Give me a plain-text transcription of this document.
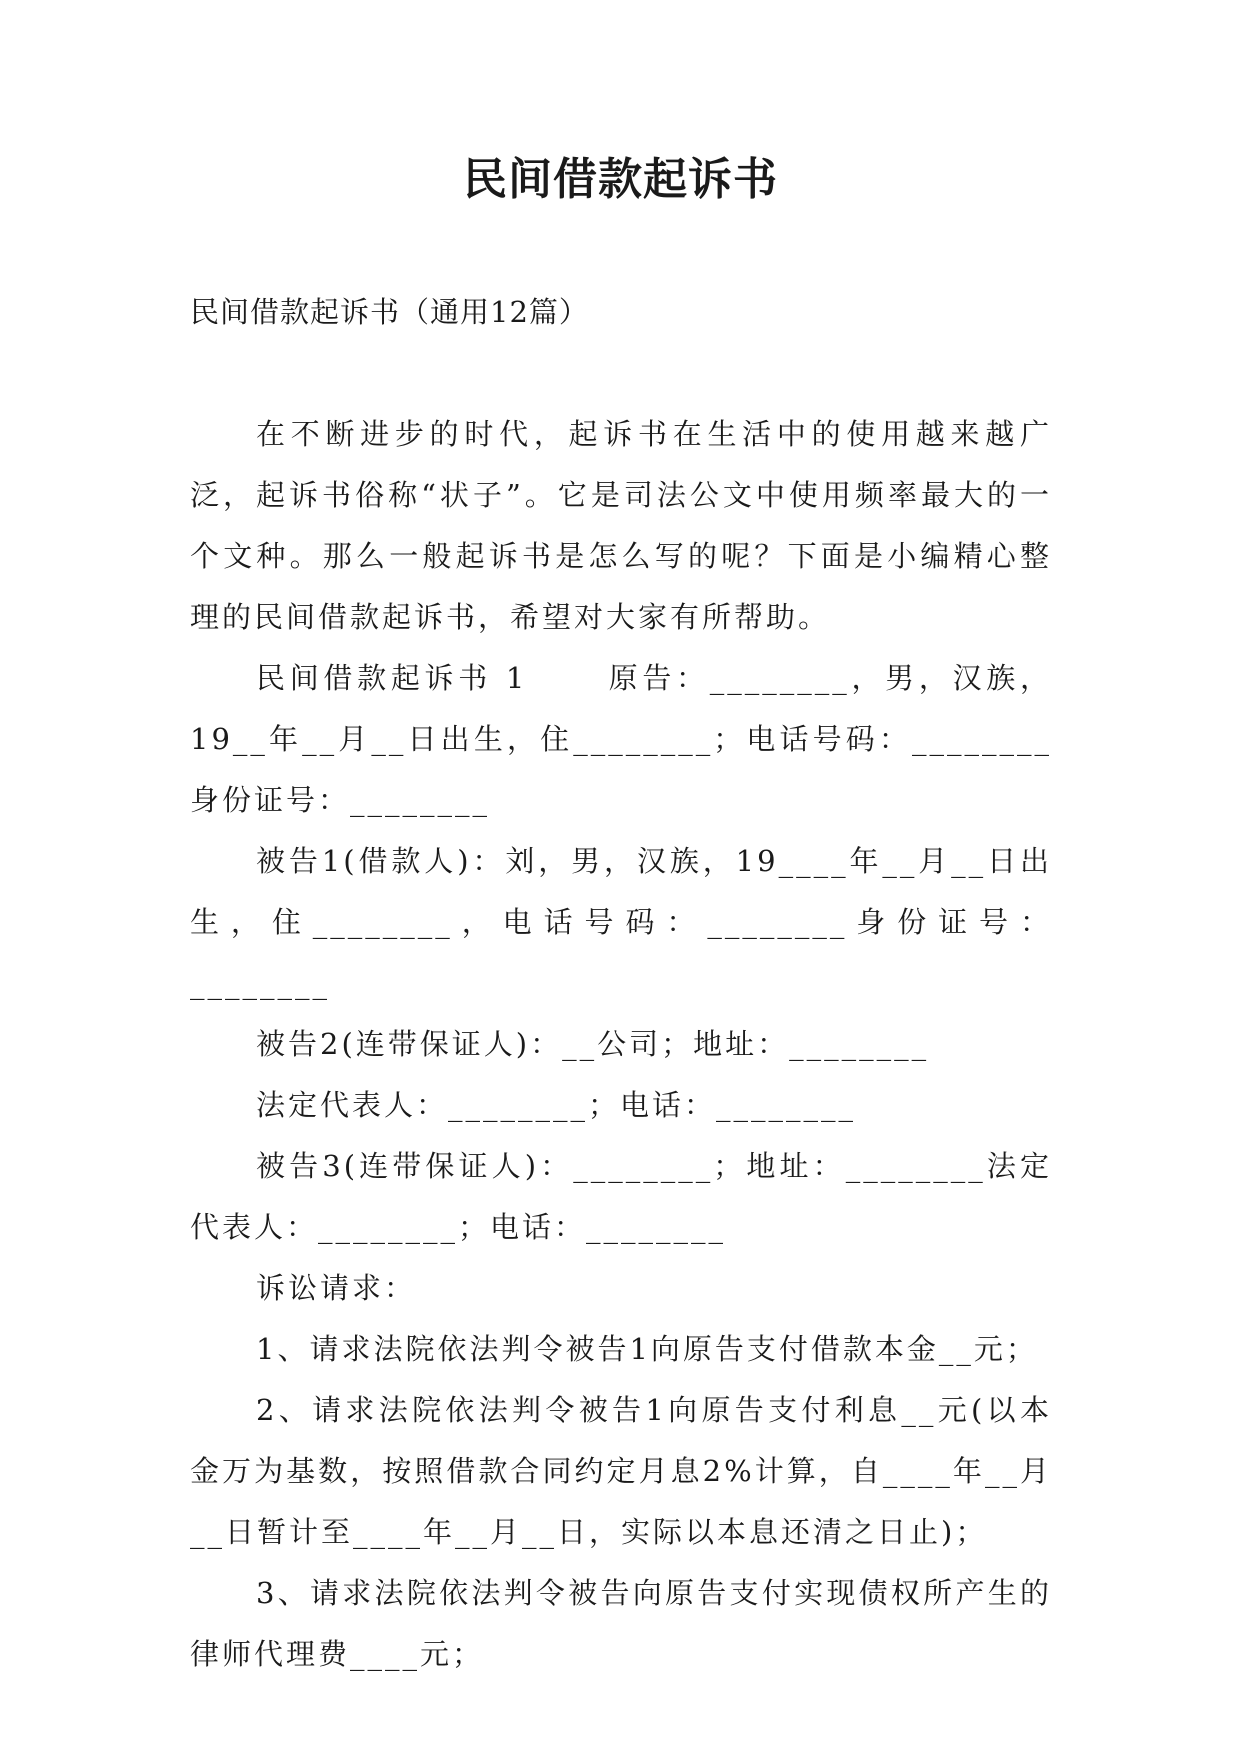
民间借款起诉书
民间借款起诉书（通用12篇）

在不断进步的时代，起诉书在生活中的使用越来越广泛，起诉书俗称“状子”。它是司法公文中使用频率最大的一个文种。那么一般起诉书是怎么写的呢？下面是小编精心整理的民间借款起诉书，希望对大家有所帮助。

民间借款起诉书 1 　　原告：________，男，汉族，19__年__月__日出生，住________；电话号码：________身份证号：________

被告1(借款人)：刘，男，汉族，19____年__月__日出生，住________，电话号码：________身份证号：________

被告2(连带保证人)：__公司；地址：________

法定代表人：________；电话：________

被告3(连带保证人)：________；地址：________法定代表人：________；电话：________

诉讼请求：

1、请求法院依法判令被告1向原告支付借款本金__元；

2、请求法院依法判令被告1向原告支付利息__元(以本金万为基数，按照借款合同约定月息2%计算，自____年__月__日暂计至____年__月__日，实际以本息还清之日止)；

3、请求法院依法判令被告向原告支付实现债权所产生的律师代理费____元；
